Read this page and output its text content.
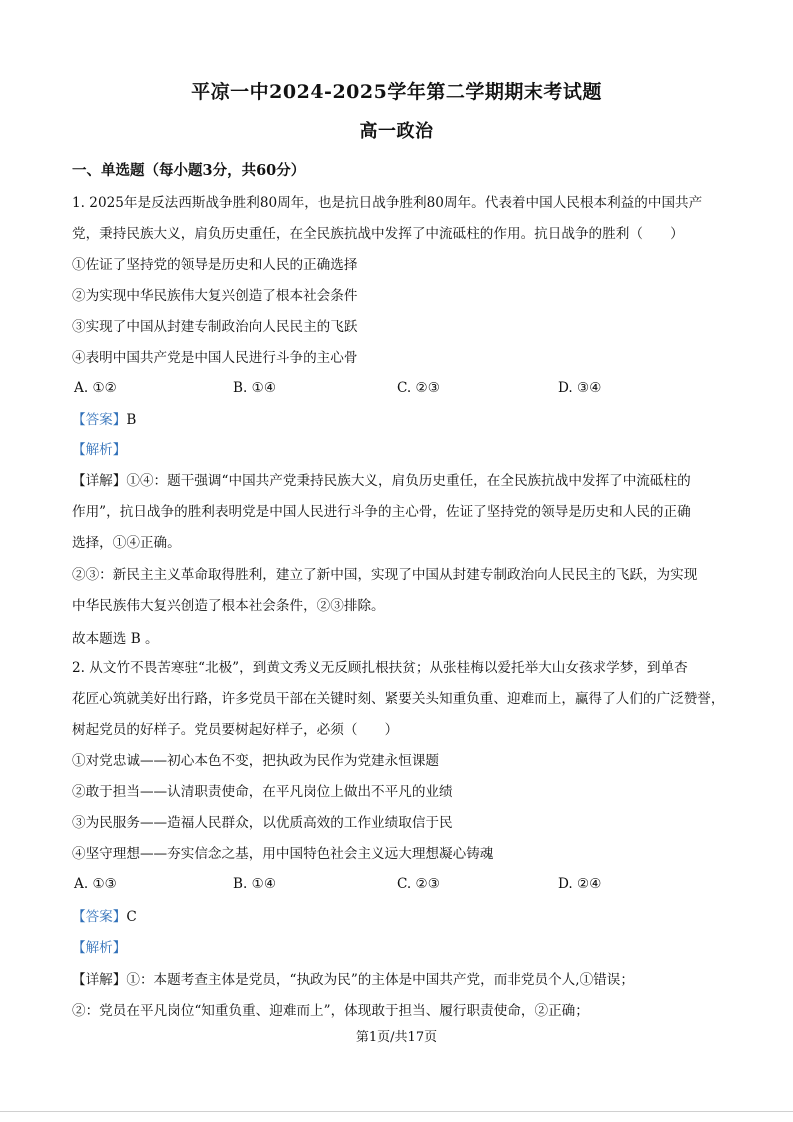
平凉一中2024-2025学年第二学期期末考试题
高一政治
一、单选题（每小题3分，共60分）
1. 2025年是反法西斯战争胜利80周年，也是抗日战争胜利80周年。代表着中国人民根本利益的中国共产
党，秉持民族大义，肩负历史重任，在全民族抗战中发挥了中流砥柱的作用。抗日战争的胜利（　　）
①佐证了坚持党的领导是历史和人民的正确选择
②为实现中华民族伟大复兴创造了根本社会条件
③实现了中国从封建专制政治向人民民主的飞跃
④表明中国共产党是中国人民进行斗争的主心骨
A. ①②	B. ①④	C. ②③	D. ③④
【答案】B
【解析】
【详解】①④：题干强调“中国共产党秉持民族大义，肩负历史重任，在全民族抗战中发挥了中流砥柱的
作用”，抗日战争的胜利表明党是中国人民进行斗争的主心骨，佐证了坚持党的领导是历史和人民的正确
选择，①④正确。
②③：新民主主义革命取得胜利，建立了新中国，实现了中国从封建专制政治向人民民主的飞跃，为实现
中华民族伟大复兴创造了根本社会条件，②③排除。
故本题选 B 。
2. 从文竹不畏苦寒驻“北极”，到黄文秀义无反顾扎根扶贫；从张桂梅以爱托举大山女孩求学梦，到单杏
花匠心筑就美好出行路，许多党员干部在关键时刻、紧要关头知重负重、迎难而上，赢得了人们的广泛赞誉，
树起党员的好样子。党员要树起好样子，必须（　　）
①对党忠诚——初心本色不变，把执政为民作为党建永恒课题
②敢于担当——认清职责使命，在平凡岗位上做出不平凡的业绩
③为民服务——造福人民群众，以优质高效的工作业绩取信于民
④坚守理想——夯实信念之基，用中国特色社会主义远大理想凝心铸魂
A. ①③	B. ①④	C. ②③	D. ②④
【答案】C
【解析】
【详解】①：本题考查主体是党员，“执政为民”的主体是中国共产党，而非党员个人,①错误；
②：党员在平凡岗位“知重负重、迎难而上”，体现敢于担当、履行职责使命，②正确；
第1页/共17页
